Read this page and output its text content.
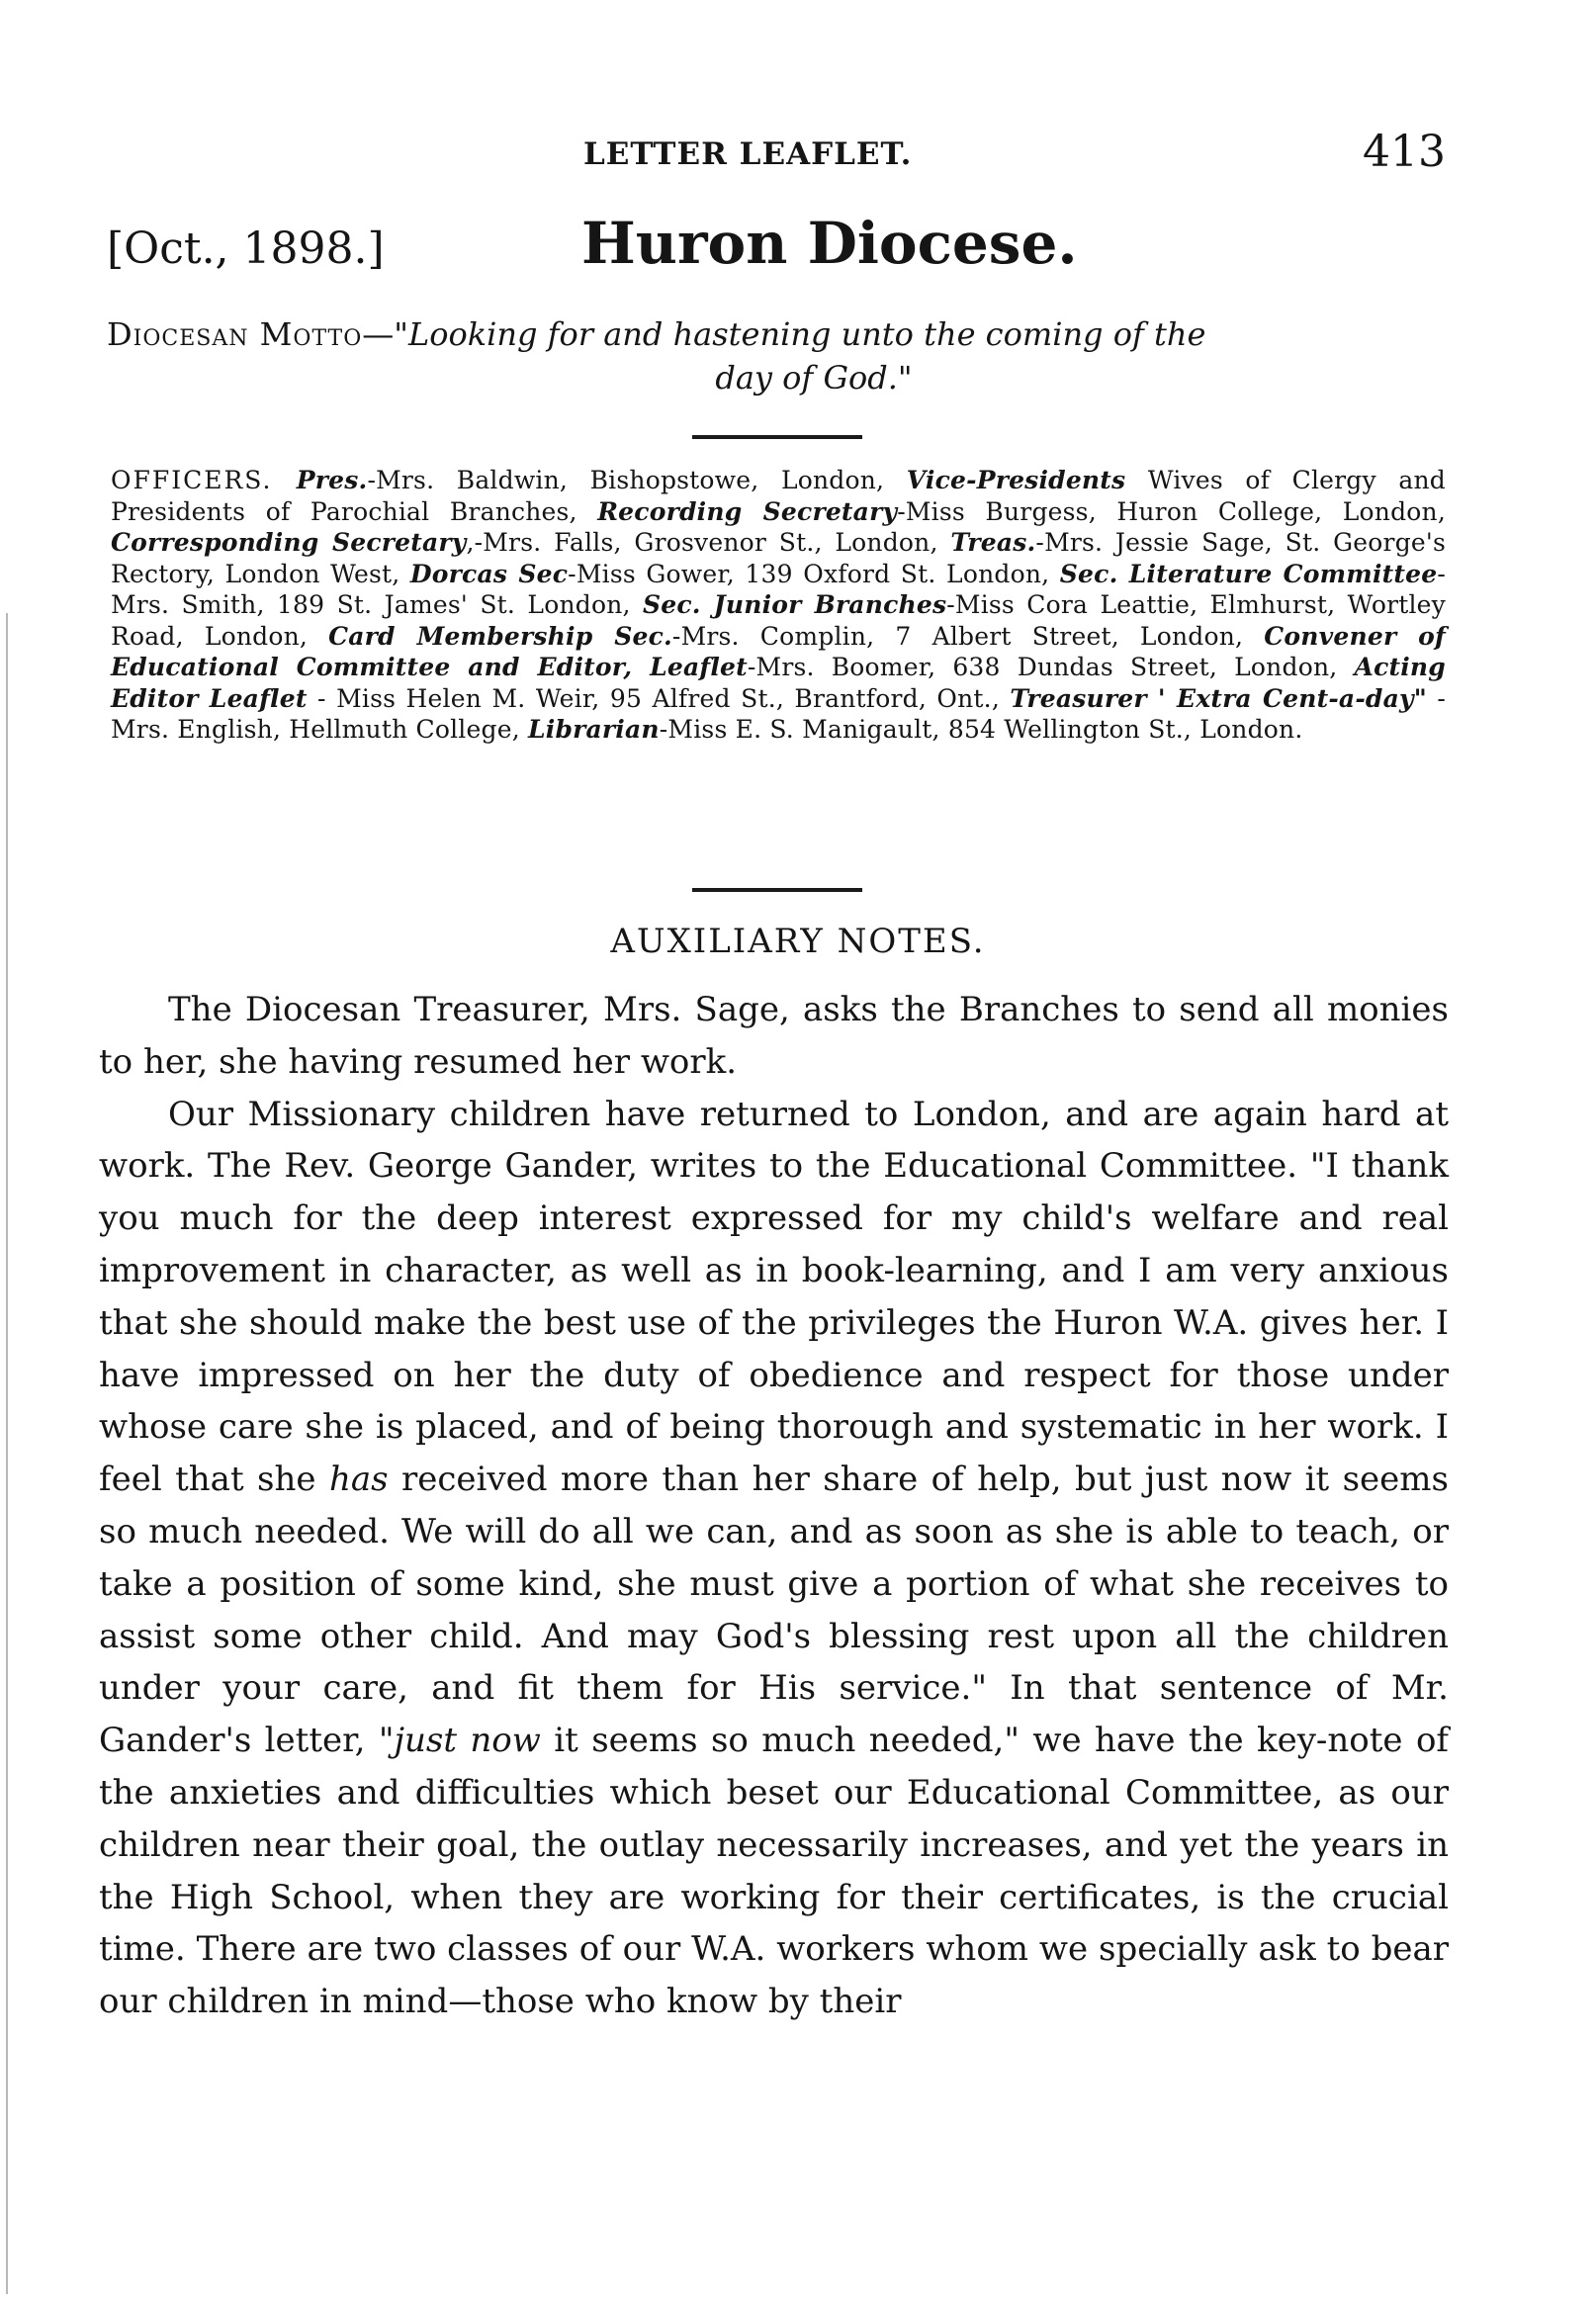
LETTER LEAFLET.	413
[Oct., 1898.]	Huron Diocese.
Diocesan Motto—"Looking for and hastening unto the coming of the
day of God."
OFFICERS. Pres.-Mrs. Baldwin, Bishopstowe, London, Vice-Presidents Wives of Clergy and Presidents of Parochial Branches, Recording Secretary-Miss Burgess, Huron College, London, Corresponding Secretary,-Mrs. Falls, Grosvenor St., London, Treas.-Mrs. Jessie Sage, St. George's Rectory, London West, Dorcas Sec-Miss Gower, 139 Oxford St. London, Sec. Literature Committee-Mrs. Smith, 189 St. James' St. London, Sec. Junior Branches-Miss Cora Leattie, Elmhurst, Wortley Road, London, Card Membership Sec.-Mrs. Complin, 7 Albert Street, London, Convener of Educational Committee and Editor, Leaflet-Mrs. Boomer, 638 Dundas Street, London, Acting Editor Leaflet - Miss Helen M. Weir, 95 Alfred St., Brantford, Ont., Treasurer ' Extra Cent-a-day" - Mrs. English, Hellmuth College, Librarian-Miss E. S. Manigault, 854 Wellington St., London.
AUXILIARY NOTES.

The Diocesan Treasurer, Mrs. Sage, asks the Branches to send all monies to her, she having resumed her work.

Our Missionary children have returned to London, and are again hard at work. The Rev. George Gander, writes to the Educational Committee. "I thank you much for the deep interest expressed for my child's welfare and real improvement in character, as well as in book-learning, and I am very anxious that she should make the best use of the privileges the Huron W.A. gives her. I have impressed on her the duty of obedience and respect for those under whose care she is placed, and of being thorough and systematic in her work. I feel that she has received more than her share of help, but just now it seems so much needed. We will do all we can, and as soon as she is able to teach, or take a position of some kind, she must give a portion of what she receives to assist some other child. And may God's blessing rest upon all the children under your care, and fit them for His service." In that sentence of Mr. Gander's letter, "just now it seems so much needed," we have the key-note of the anxieties and difficulties which beset our Educational Committee, as our children near their goal, the outlay necessarily increases, and yet the years in the High School, when they are working for their certificates, is the crucial time. There are two classes of our W.A. workers whom we specially ask to bear our children in mind—those who know by their
